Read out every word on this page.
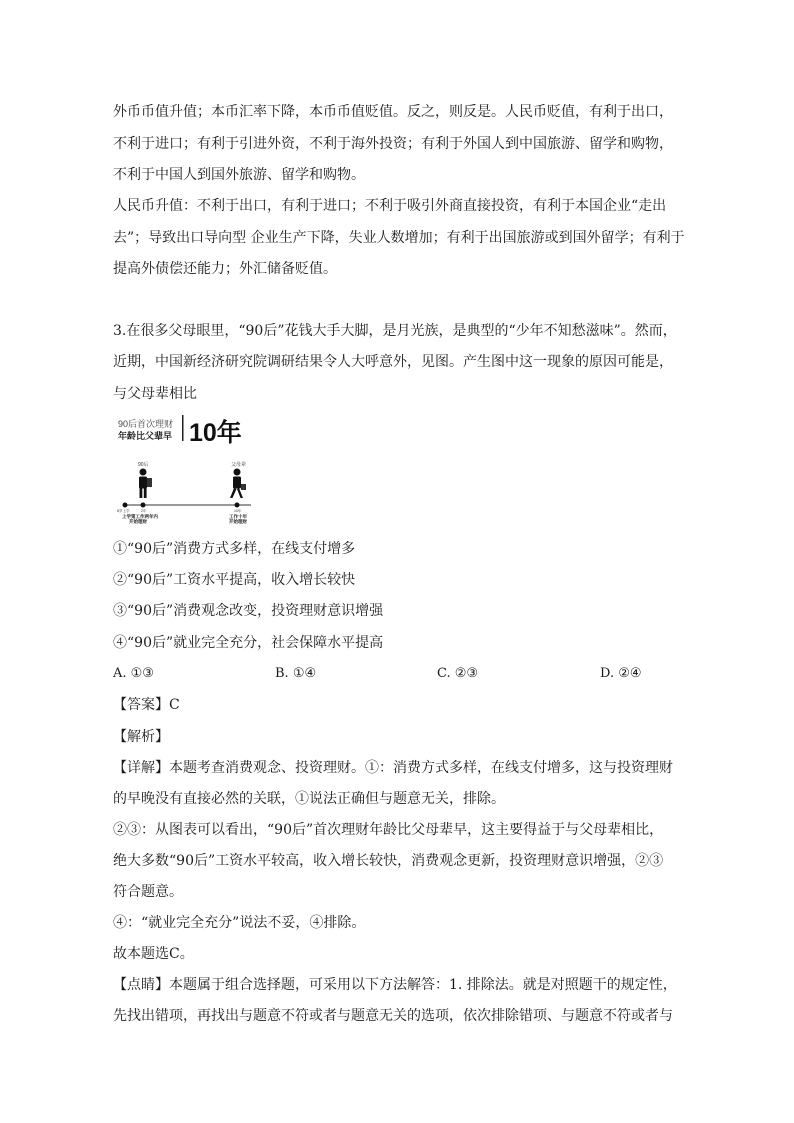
外币币值升值；本币汇率下降，本币币值贬值。反之，则反是。人民币贬值，有利于出口，
不利于进口；有利于引进外资，不利于海外投资；有利于外国人到中国旅游、留学和购物，
不利于中国人到国外旅游、留学和购物。
人民币升值：不利于出口，有利于进口；不利于吸引外商直接投资，有利于本国企业“走出
去”；导致出口导向型 企业生产下降，失业人数增加；有利于出国旅游或到国外留学；有利于
提高外债偿还能力；外汇储备贬值。
3.在很多父母眼里，“90后”花钱大手大脚，是月光族，是典型的“少年不知愁滋味”。然而，
近期，中国新经济研究院调研结果令人大呼意外，见图。产生图中这一现象的原因可能是，
与父母辈相比
90后首次理财
年龄比父辈早 10年
90后	父母辈
8岁上学	2年	10年
上学第工作两年内
开始理财
工作十年
开始理财
①“90后”消费方式多样，在线支付增多
②“90后”工资水平提高，收入增长较快
③“90后”消费观念改变，投资理财意识增强
④“90后”就业完全充分，社会保障水平提高
A. ①③	B. ①④	C. ②③	D. ②④
【答案】C
【解析】
【详解】本题考查消费观念、投资理财。①：消费方式多样，在线支付增多，这与投资理财
的早晚没有直接必然的关联，①说法正确但与题意无关，排除。
②③：从图表可以看出，“90后”首次理财年龄比父母辈早，这主要得益于与父母辈相比，
绝大多数“90后”工资水平较高，收入增长较快，消费观念更新，投资理财意识增强，②③
符合题意。
④：“就业完全充分”说法不妥，④排除。
故本题选C。
【点睛】本题属于组合选择题，可采用以下方法解答：1. 排除法。就是对照题干的规定性，
先找出错项，再找出与题意不符或者与题意无关的选项，依次排除错项、与题意不符或者与
